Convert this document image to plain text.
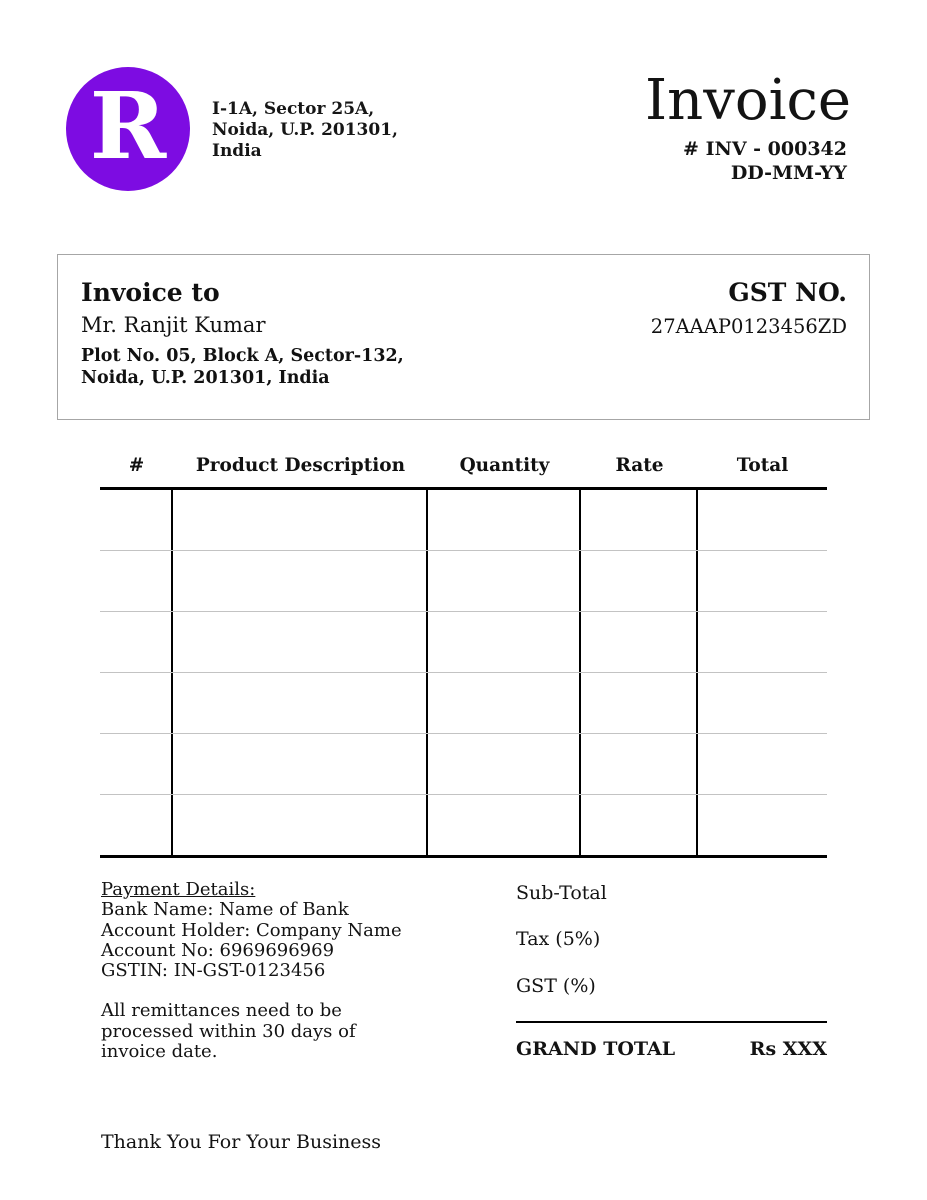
R	I-1A, Sector 25A,
Noida, U.P. 201301,
India
Invoice
# INV - 000342
DD-MM-YY
Invoice to
Mr. Ranjit Kumar
Plot No. 05, Block A, Sector-132,
Noida, U.P. 201301, India
GST NO.
27AAAP0123456ZD
#	Product Description	Quantity	Rate	Total
Payment Details:
Bank Name: Name of Bank
Account Holder: Company Name
Account No: 6969696969
GSTIN: IN-GST-0123456
All remittances need to be
processed within 30 days of
invoice date.
Sub-Total
Tax (5%)
GST (%)
GRAND TOTAL	Rs XXX
Thank You For Your Business
